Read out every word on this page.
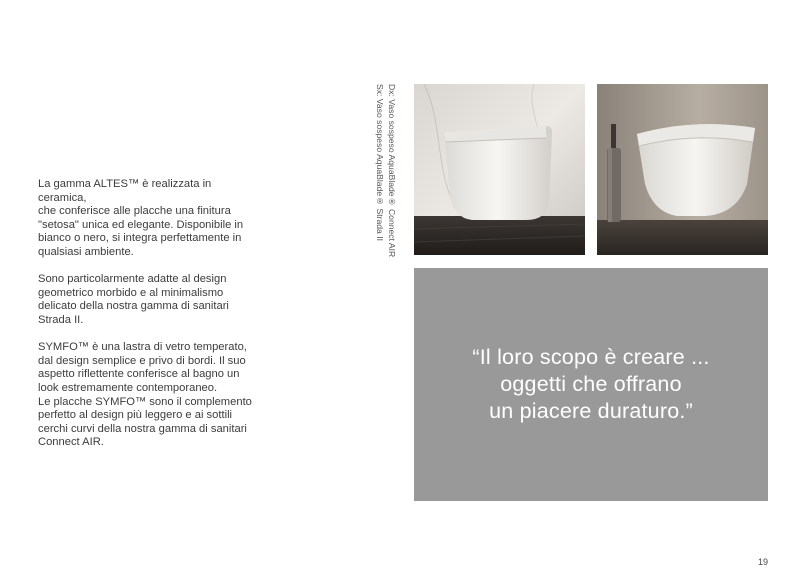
La gamma ALTES™ è realizzata in ceramica,
che conferisce alle placche una finitura
"setosa" unica ed elegante. Disponibile in
bianco o nero, si integra perfettamente in
qualsiasi ambiente.

Sono particolarmente adatte al design
geometrico morbido e al minimalismo
delicato della nostra gamma di sanitari
Strada II.

SYMFO™ è una lastra di vetro temperato,
dal design semplice e privo di bordi. Il suo
aspetto riflettente conferisce al bagno un
look estremamente contemporaneo.
Le placche SYMFO™ sono il complemento
perfetto al design più leggero e ai sottili
cerchi curvi della nostra gamma di sanitari
Connect AIR.

Dx: Vaso sospeso AquaBlade® Connect AIR
Sx: Vaso sospeso AquaBlade® Strada II
“Il loro scopo è creare ...
oggetti che offrano
un piacere duraturo.”
19
